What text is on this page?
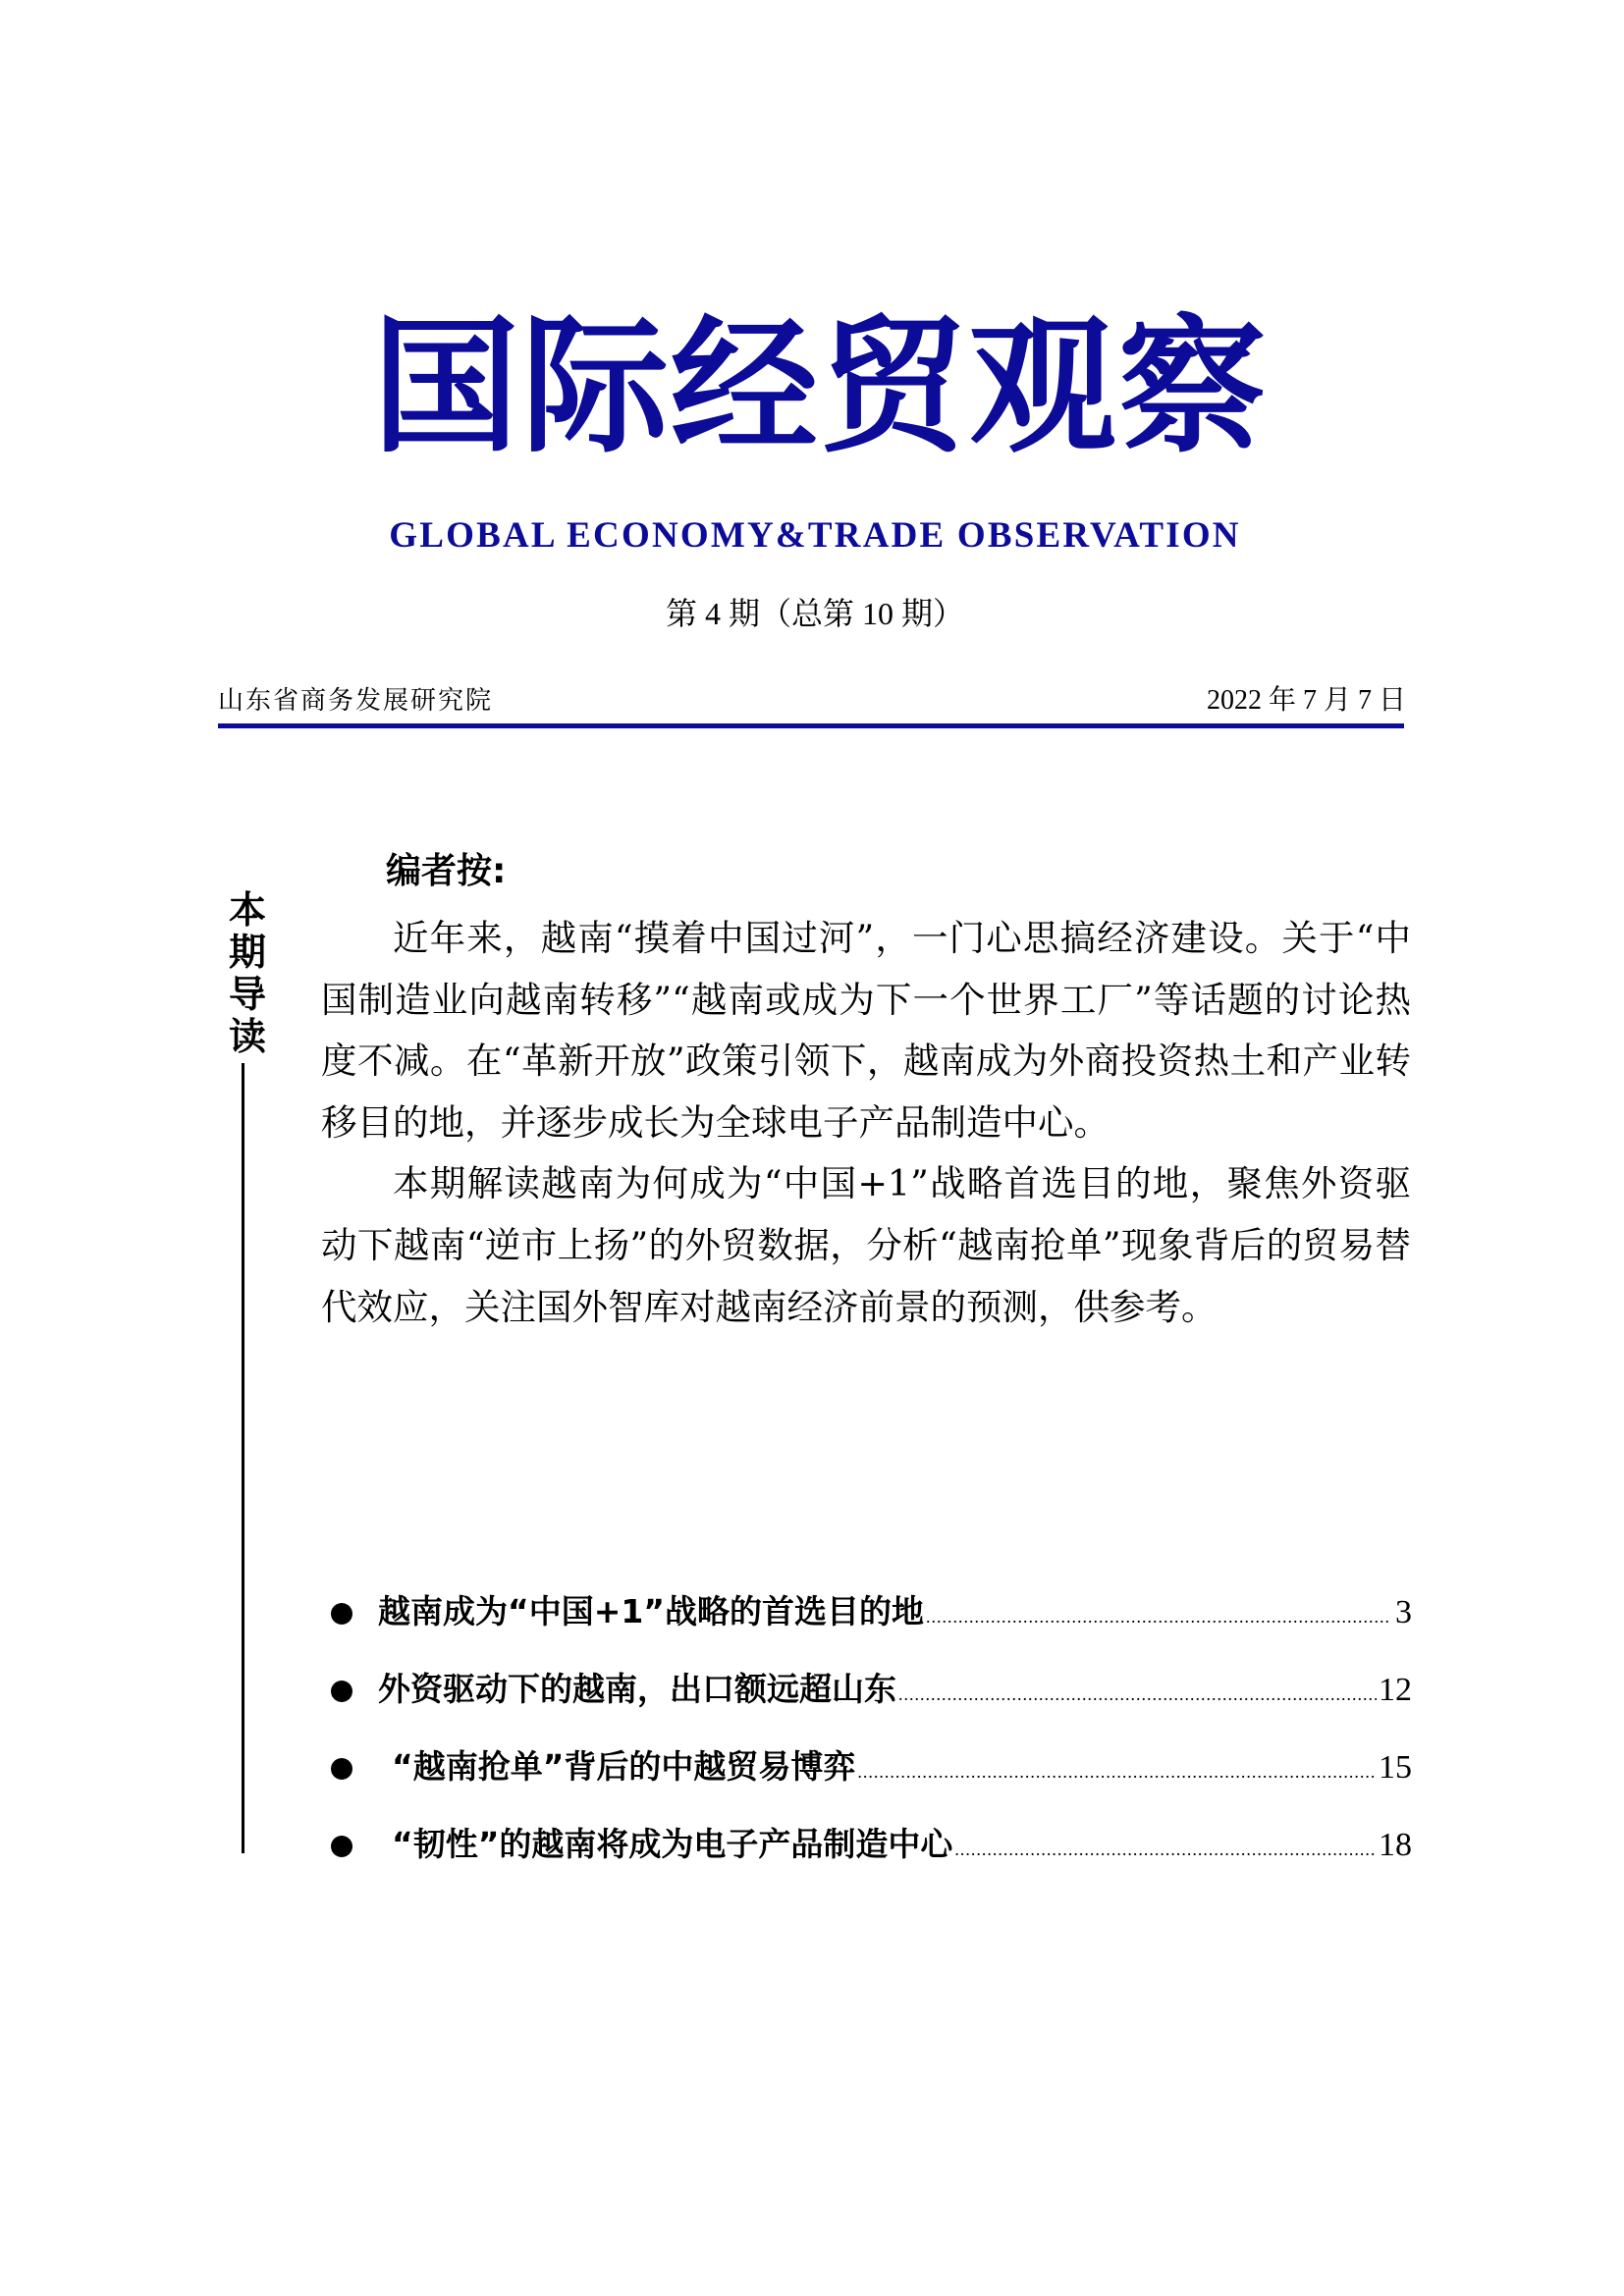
国际经贸观察
GLOBAL ECONOMY&TRADE OBSERVATION
第 4 期（总第 10 期）
山东省商务发展研究院	2022 年 7 月 7 日
本
期
导
读
编者按:

近年来，越南“摸着中国过河”，一门心思搞经济建设。关于“中国制造业向越南转移”“越南或成为下一个世界工厂”等话题的讨论热度不减。在“革新开放”政策引领下，越南成为外商投资热土和产业转移目的地，并逐步成长为全球电子产品制造中心。

本期解读越南为何成为“中国+1”战略首选目的地，聚焦外资驱动下越南“逆市上扬”的外贸数据，分析“越南抢单”现象背后的贸易替代效应，关注国外智库对越南经济前景的预测，供参考。

越南成为“中国+1”战略的首选目的地 .....	3
外资驱动下的越南，出口额远超山东 .....	12
“越南抢单”背后的中越贸易博弈 .....	15
“韧性”的越南将成为电子产品制造中心 .....	18
